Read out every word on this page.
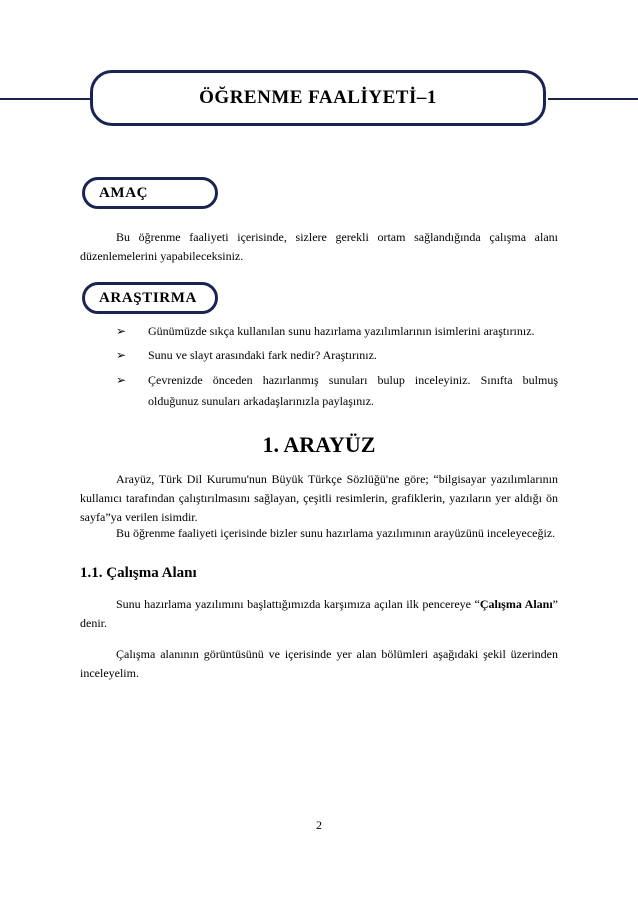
ÖĞRENME FAALİYETİ–1
AMAÇ

Bu öğrenme faaliyeti içerisinde, sizlere gerekli ortam sağlandığında çalışma alanı düzenlemelerini yapabileceksiniz.

ARAŞTIRMA
➢ Günümüzde sıkça kullanılan sunu hazırlama yazılımlarının isimlerini araştırınız.
➢ Sunu ve slayt arasındaki fark nedir? Araştırınız.
➢ Çevrenizde önceden hazırlanmış sunuları bulup inceleyiniz. Sınıfta bulmuş olduğunuz sunuları arkadaşlarınızla paylaşınız.
1. ARAYÜZ

Arayüz, Türk Dil Kurumu'nun Büyük Türkçe Sözlüğü'ne göre; “bilgisayar yazılımlarının kullanıcı tarafından çalıştırılmasını sağlayan, çeşitli resimlerin, grafiklerin, yazıların yer aldığı ön sayfa”ya verilen isimdir.

Bu öğrenme faaliyeti içerisinde bizler sunu hazırlama yazılımının arayüzünü inceleyeceğiz.

1.1. Çalışma Alanı

Sunu hazırlama yazılımını başlattığımızda karşımıza açılan ilk pencereye “Çalışma Alanı” denir.

Çalışma alanının görüntüsünü ve içerisinde yer alan bölümleri aşağıdaki şekil üzerinden inceleyelim.

2
